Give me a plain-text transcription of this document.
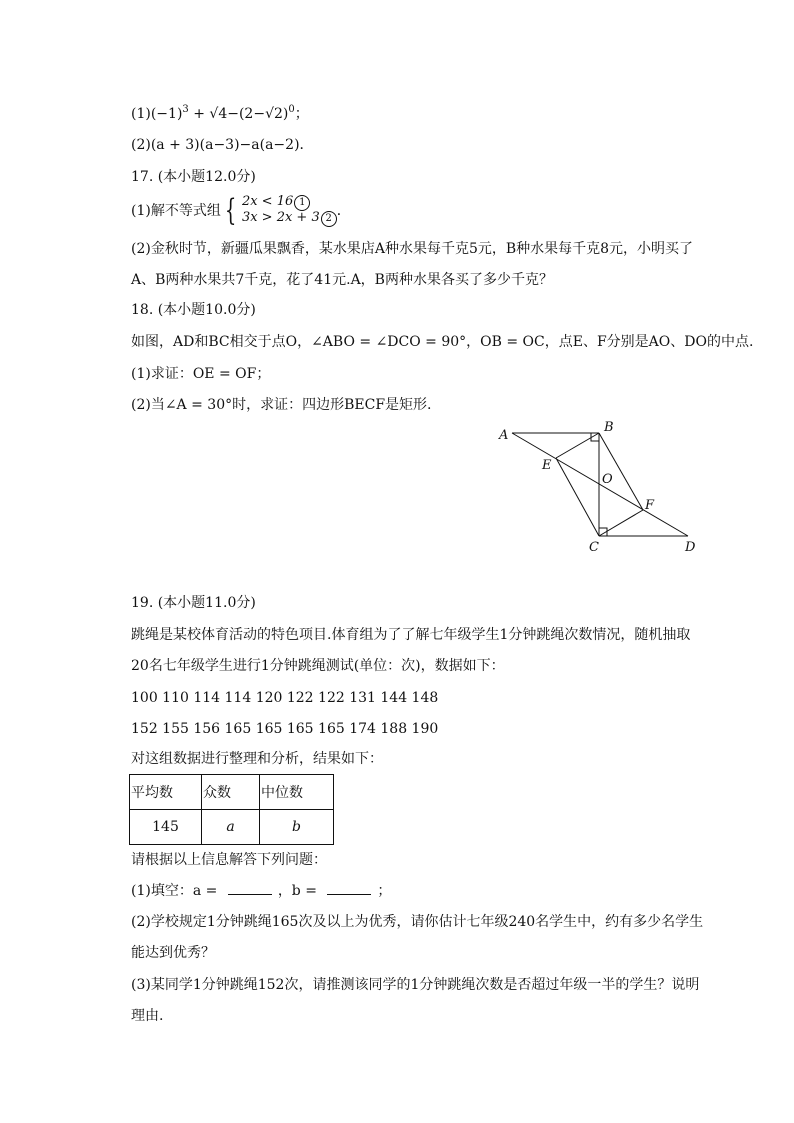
$(1)(-1)^3 + √4-(2-√2)^0$；
(2)(a + 3)(a−3)−a(a−2)．
17. (本小题12.0分)
(1)解不等式组 { 2x < 16 1
3x > 2x + 3 2 ．
(2)金秋时节，新疆瓜果飘香，某水果店A种水果每千克5元，B种水果每千克8元，小明买了
A、B两种水果共7千克，花了41元.A，B两种水果各买了多少千克？
18. (本小题10.0分)
如图，AD和BC相交于点O，∠ABO = ∠DCO = 90°，OB = OC，点E、F分别是AO、DO的中点.
(1)求证：OE = OF；
(2)当∠A = 30°时，求证：四边形BECF是矩形.
A
B
C	D
E
F
O
19. (本小题11.0分)
跳绳是某校体育活动的特色项目.体育组为了了解七年级学生1分钟跳绳次数情况，随机抽取
20名七年级学生进行1分钟跳绳测试(单位：次)，数据如下：
100 110 114 114 120 122 122 131 144 148
152 155 156 165 165 165 165 174 188 190
对这组数据进行整理和分析，结果如下：
平均数	众数	中位数
145	a	b
请根据以上信息解答下列问题：
(1)填空：a =	，b =	；
(2)学校规定1分钟跳绳165次及以上为优秀，请你估计七年级240名学生中，约有多少名学生
能达到优秀？
(3)某同学1分钟跳绳152次，请推测该同学的1分钟跳绳次数是否超过年级一半的学生？说明
理由.
